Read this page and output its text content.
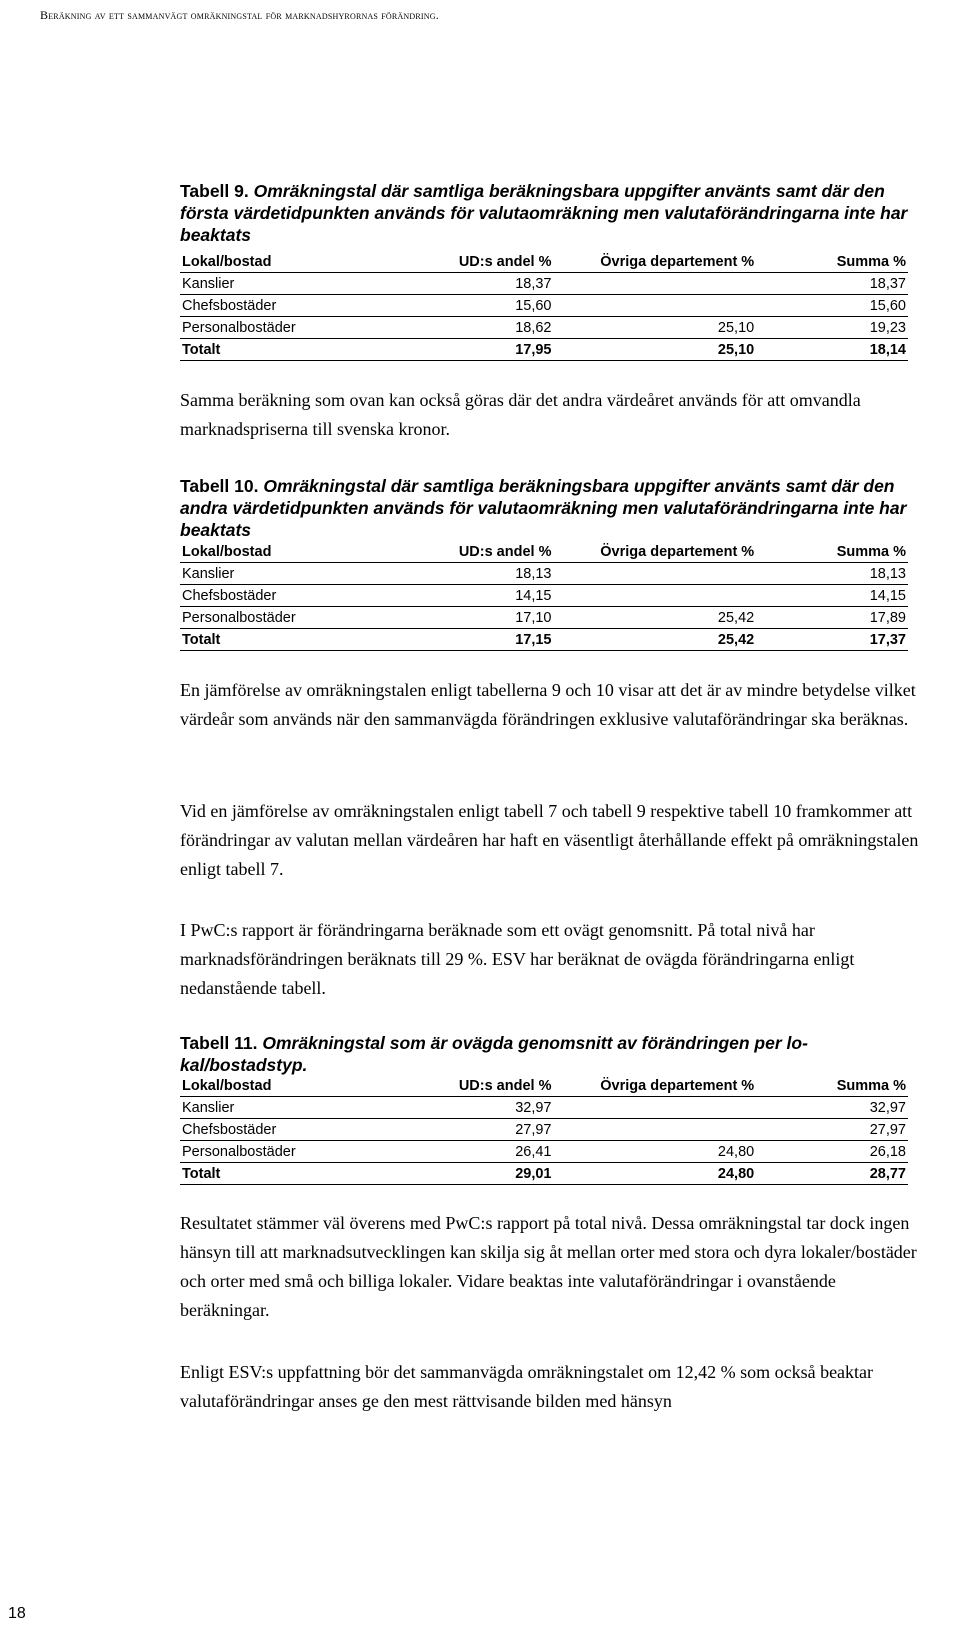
Beräkning av ett sammanvägt omräkningstal för marknadshyrornas förändring.
Tabell 9. Omräkningstal där samtliga beräkningsbara uppgifter använts samt där den första värdetidpunkten används för valutaomräkning men valutaförändringarna inte har beaktats
Lokal/bostad	UD:s andel %	Övriga departement %	Summa %
Kanslier	18,37		18,37
Chefsbostäder	15,60		15,60
Personalbostäder	18,62	25,10	19,23
Totalt	17,95	25,10	18,14

Samma beräkning som ovan kan också göras där det andra värdeåret används för att omvandla marknadspriserna till svenska kronor.

Tabell 10. Omräkningstal där samtliga beräkningsbara uppgifter använts samt där den andra värdetidpunkten används för valutaomräkning men valutaförändringarna inte har beaktats
Lokal/bostad	UD:s andel %	Övriga departement %	Summa %
Kanslier	18,13		18,13
Chefsbostäder	14,15		14,15
Personalbostäder	17,10	25,42	17,89
Totalt	17,15	25,42	17,37

En jämförelse av omräkningstalen enligt tabellerna 9 och 10 visar att det är av mindre betydelse vilket värdeår som används när den sammanvägda förändringen exklusive valutaförändringar ska beräknas.

Vid en jämförelse av omräkningstalen enligt tabell 7 och tabell 9 respektive tabell 10 framkommer att förändringar av valutan mellan värdeåren har haft en väsentligt återhållande effekt på omräkningstalen enligt tabell 7.

I PwC:s rapport är förändringarna beräknade som ett ovägt genomsnitt. På total nivå har marknadsförändringen beräknats till 29 %. ESV har beräknat de ovägda förändringarna enligt nedanstående tabell.

Tabell 11. Omräkningstal som är ovägda genomsnitt av förändringen per lokal/bostadstyp.
Lokal/bostad	UD:s andel %	Övriga departement %	Summa %
Kanslier	32,97		32,97
Chefsbostäder	27,97		27,97
Personalbostäder	26,41	24,80	26,18
Totalt	29,01	24,80	28,77

Resultatet stämmer väl överens med PwC:s rapport på total nivå. Dessa omräkningstal tar dock ingen hänsyn till att marknadsutvecklingen kan skilja sig åt mellan orter med stora och dyra lokaler/bostäder och orter med små och billiga lokaler. Vidare beaktas inte valutaförändringar i ovanstående beräkningar.

Enligt ESV:s uppfattning bör det sammanvägda omräkningstalet om 12,42 % som också beaktar valutaförändringar anses ge den mest rättvisande bilden med hänsyn

18
